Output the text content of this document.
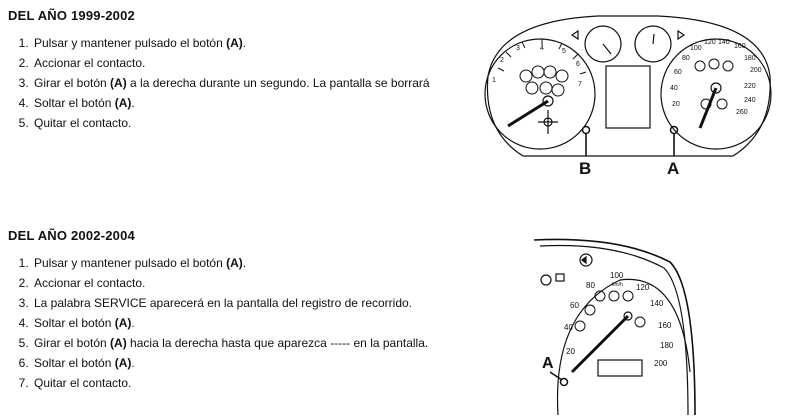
DEL AÑO 1999-2002
1. Pulsar y mantener pulsado el botón (A).
2. Accionar el contacto.
3. Girar el botón (A) a la derecha durante un segundo. La pantalla se borrará
4. Soltar el botón (A).
5. Quitar el contacto.
DEL AÑO 2002-2004
1. Pulsar y mantener pulsado el botón (A).
2. Accionar el contacto.
3. La palabra SERVICE aparecerá en la pantalla del registro de recorrido.
4. Soltar el botón (A).
5. Girar el botón (A) hacia la derecha hasta que aparezca ----- en la pantalla.
6. Soltar el botón (A).
7. Quitar el contacto.
1
2
3	4	5
6
7
20
40
60
80
100
120 140
160
180
200
220
240
260
B	A
20
40
60
80
100
km/h 120
140
160
180
200
A
